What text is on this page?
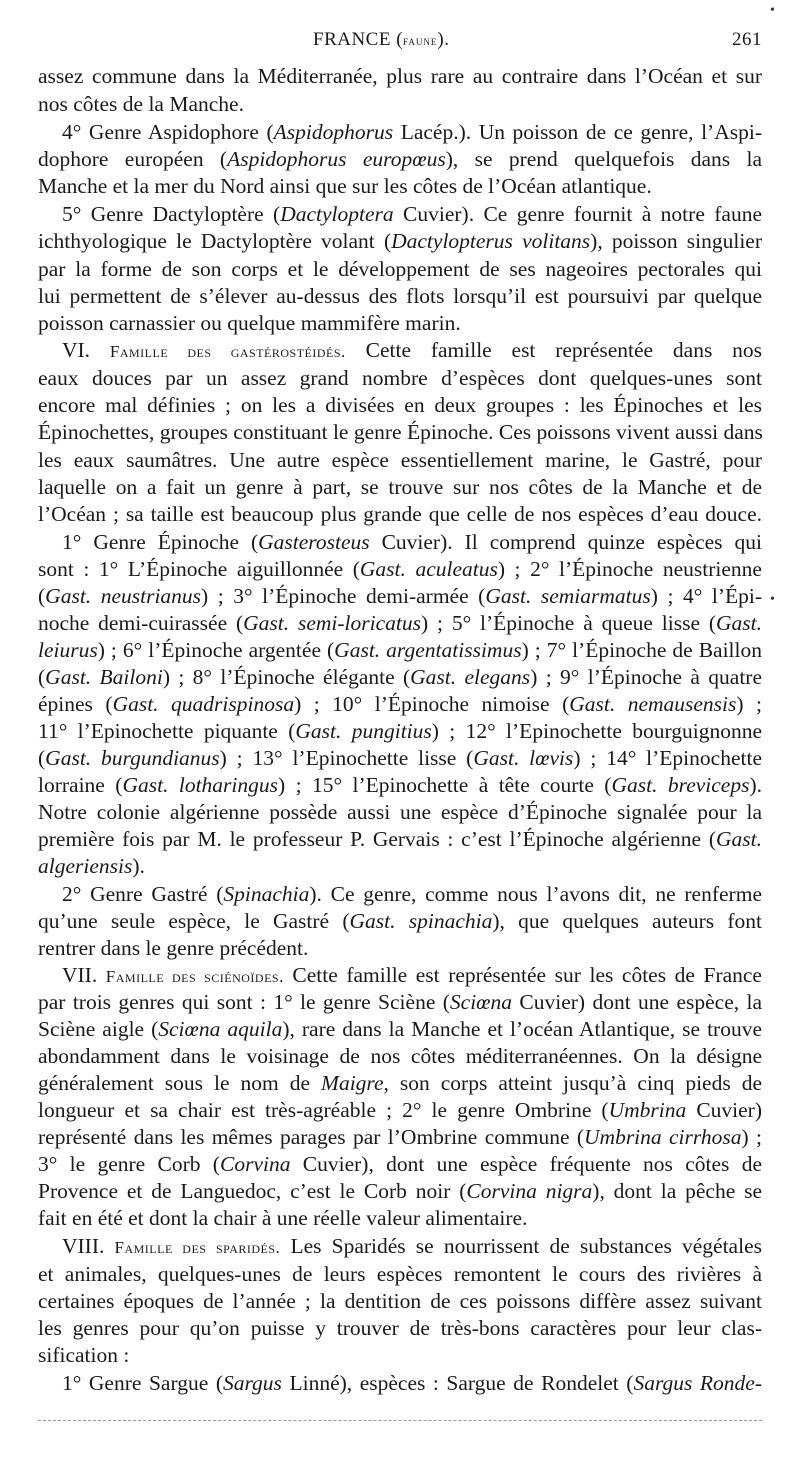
FRANCE (faune).	261
•
assez commune dans la Méditerranée, plus rare au contraire dans l’Océan et sur
nos côtes de la Manche.
4° Genre Aspidophore (Aspidophorus Lacép.). Un poisson de ce genre, l’Aspi-
dophore européen (Aspidophorus europœus), se prend quelquefois dans la
Manche et la mer du Nord ainsi que sur les côtes de l’Océan atlantique.
5° Genre Dactyloptère (Dactyloptera Cuvier). Ce genre fournit à notre faune
ichthyologique le Dactyloptère volant (Dactylopterus volitans), poisson singulier
par la forme de son corps et le développement de ses nageoires pectorales qui
lui permettent de s’élever au-dessus des flots lorsqu’il est poursuivi par quelque
poisson carnassier ou quelque mammifère marin.
VI. Famille des gastérostéidés. Cette famille est représentée dans nos
eaux douces par un assez grand nombre d’espèces dont quelques-unes sont
encore mal définies ; on les a divisées en deux groupes : les Épinoches et les
Épinochettes, groupes constituant le genre Épinoche. Ces poissons vivent aussi dans
les eaux saumâtres. Une autre espèce essentiellement marine, le Gastré, pour
laquelle on a fait un genre à part, se trouve sur nos côtes de la Manche et de
l’Océan ; sa taille est beaucoup plus grande que celle de nos espèces d’eau douce.
1° Genre Épinoche (Gasterosteus Cuvier). Il comprend quinze espèces qui
sont : 1° L’Épinoche aiguillonnée (Gast. aculeatus) ; 2° l’Épinoche neustrienne
(Gast. neustrianus) ; 3° l’Épinoche demi-armée (Gast. semiarmatus) ; 4° l’Épi- •
noche demi-cuirassée (Gast. semi-loricatus) ; 5° l’Épinoche à queue lisse (Gast.
leiurus) ; 6° l’Épinoche argentée (Gast. argentatissimus) ; 7° l’Épinoche de Baillon
(Gast. Bailoni) ; 8° l’Épinoche élégante (Gast. elegans) ; 9° l’Épinoche à quatre
épines (Gast. quadrispinosa) ; 10° l’Épinoche nimoise (Gast. nemausensis) ;
11° l’Epinochette piquante (Gast. pungitius) ; 12° l’Epinochette bourguignonne
(Gast. burgundianus) ; 13° l’Epinochette lisse (Gast. lœvis) ; 14° l’Epinochette
lorraine (Gast. lotharingus) ; 15° l’Epinochette à tête courte (Gast. breviceps).
Notre colonie algérienne possède aussi une espèce d’Épinoche signalée pour la
première fois par M. le professeur P. Gervais : c’est l’Épinoche algérienne (Gast.
algeriensis).
2° Genre Gastré (Spinachia). Ce genre, comme nous l’avons dit, ne renferme
qu’une seule espèce, le Gastré (Gast. spinachia), que quelques auteurs font
rentrer dans le genre précédent.
VII. Famille des sciénoïdes. Cette famille est représentée sur les côtes de France
par trois genres qui sont : 1° le genre Sciène (Sciœna Cuvier) dont une espèce, la
Sciène aigle (Sciœna aquila), rare dans la Manche et l’océan Atlantique, se trouve
abondamment dans le voisinage de nos côtes méditerranéennes. On la désigne
généralement sous le nom de Maigre, son corps atteint jusqu’à cinq pieds de
longueur et sa chair est très-agréable ; 2° le genre Ombrine (Umbrina Cuvier)
représenté dans les mêmes parages par l’Ombrine commune (Umbrina cirrhosa) ;
3° le genre Corb (Corvina Cuvier), dont une espèce fréquente nos côtes de
Provence et de Languedoc, c’est le Corb noir (Corvina nigra), dont la pêche se
fait en été et dont la chair à une réelle valeur alimentaire.
VIII. Famille des sparidés. Les Sparidés se nourrissent de substances végétales
et animales, quelques-unes de leurs espèces remontent le cours des rivières à
certaines époques de l’année ; la dentition de ces poissons diffère assez suivant
les genres pour qu’on puisse y trouver de très-bons caractères pour leur clas-
sification :
1° Genre Sargue (Sargus Linné), espèces : Sargue de Rondelet (Sargus Ronde-
